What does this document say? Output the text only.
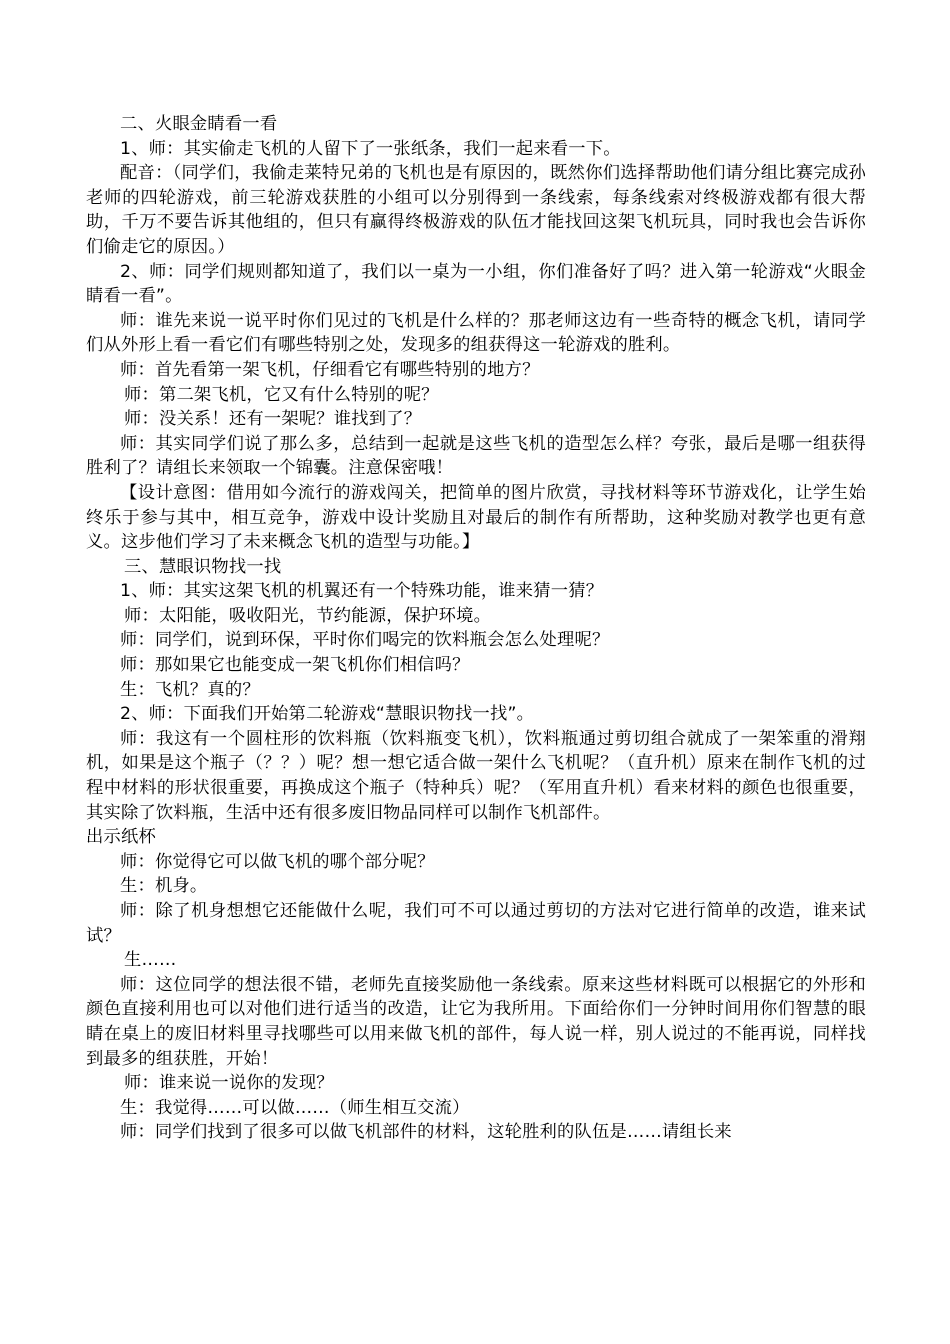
二、火眼金睛看一看

1、师：其实偷走飞机的人留下了一张纸条，我们一起来看一下。

配音：（同学们，我偷走莱特兄弟的飞机也是有原因的，既然你们选择帮助他们请分组比赛完成孙老师的四轮游戏，前三轮游戏获胜的小组可以分别得到一条线索，每条线索对终极游戏都有很大帮助，千万不要告诉其他组的，但只有赢得终极游戏的队伍才能找回这架飞机玩具，同时我也会告诉你们偷走它的原因。）

2、师：同学们规则都知道了，我们以一桌为一小组，你们准备好了吗？进入第一轮游戏“火眼金睛看一看”。

师：谁先来说一说平时你们见过的飞机是什么样的？那老师这边有一些奇特的概念飞机，请同学们从外形上看一看它们有哪些特别之处，发现多的组获得这一轮游戏的胜利。

师：首先看第一架飞机，仔细看它有哪些特别的地方？

师：第二架飞机，它又有什么特别的呢？

师：没关系！还有一架呢？谁找到了？

师：其实同学们说了那么多，总结到一起就是这些飞机的造型怎么样？夸张，最后是哪一组获得胜利了？请组长来领取一个锦囊。注意保密哦！

【设计意图：借用如今流行的游戏闯关，把简单的图片欣赏，寻找材料等环节游戏化，让学生始终乐于参与其中，相互竞争，游戏中设计奖励且对最后的制作有所帮助，这种奖励对教学也更有意义。这步他们学习了未来概念飞机的造型与功能。】

三、慧眼识物找一找

1、师：其实这架飞机的机翼还有一个特殊功能，谁来猜一猜？

师：太阳能，吸收阳光，节约能源，保护环境。

师：同学们，说到环保，平时你们喝完的饮料瓶会怎么处理呢？

师：那如果它也能变成一架飞机你们相信吗？

生：飞机？真的？

2、师：下面我们开始第二轮游戏“慧眼识物找一找”。

师：我这有一个圆柱形的饮料瓶（饮料瓶变飞机），饮料瓶通过剪切组合就成了一架笨重的滑翔机，如果是这个瓶子（？？）呢？想一想它适合做一架什么飞机呢？（直升机）原来在制作飞机的过程中材料的形状很重要，再换成这个瓶子（特种兵）呢？（军用直升机）看来材料的颜色也很重要，其实除了饮料瓶，生活中还有很多废旧物品同样可以制作飞机部件。

出示纸杯

师：你觉得它可以做飞机的哪个部分呢？

生：机身。

师：除了机身想想它还能做什么呢，我们可不可以通过剪切的方法对它进行简单的改造，谁来试试？

生……

师：这位同学的想法很不错，老师先直接奖励他一条线索。原来这些材料既可以根据它的外形和颜色直接利用也可以对他们进行适当的改造，让它为我所用。下面给你们一分钟时间用你们智慧的眼睛在桌上的废旧材料里寻找哪些可以用来做飞机的部件，每人说一样，别人说过的不能再说，同样找到最多的组获胜，开始！

师：谁来说一说你的发现？

生：我觉得……可以做……（师生相互交流）

师：同学们找到了很多可以做飞机部件的材料，这轮胜利的队伍是……请组长来
